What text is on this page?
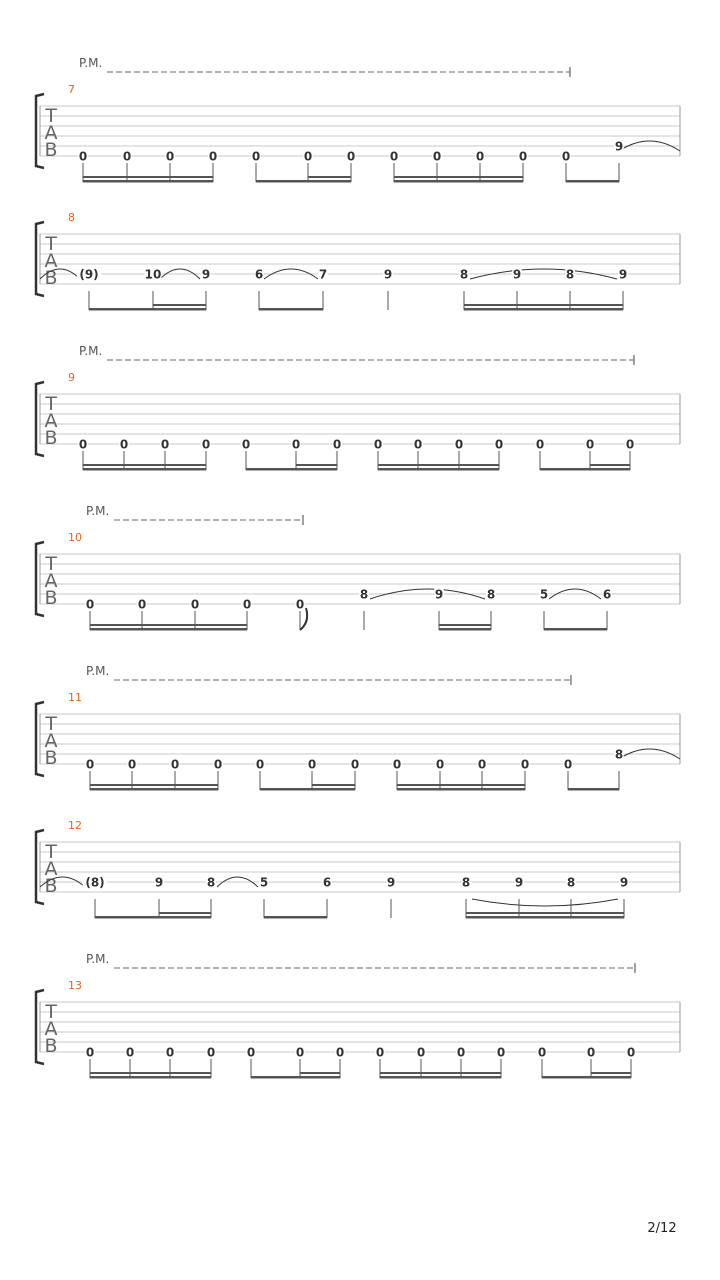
P.M.
7
T
A
B 0	0	0	0	0	0	0	0	0	0	0	0
9
8
T
A
B (9)	10	9	6	7	9	8	9	8	9
P.M.
9
T
A
B 0	0	0	0	0	0	0	0	0	0	0	0	0	0
P.M.
10
T
A
B 0	0	0	0	0
8	9	8	5	6
P.M.
11
T
A
B 0	0	0	0	0	0	0	0	0	0	0	0
8
12
T
A
B (8)	9	8	5	6	9	8	9	8	9
P.M.
13
T
A
B 0	0	0	0	0	0	0	0	0	0	0	0	0	0
2/12
